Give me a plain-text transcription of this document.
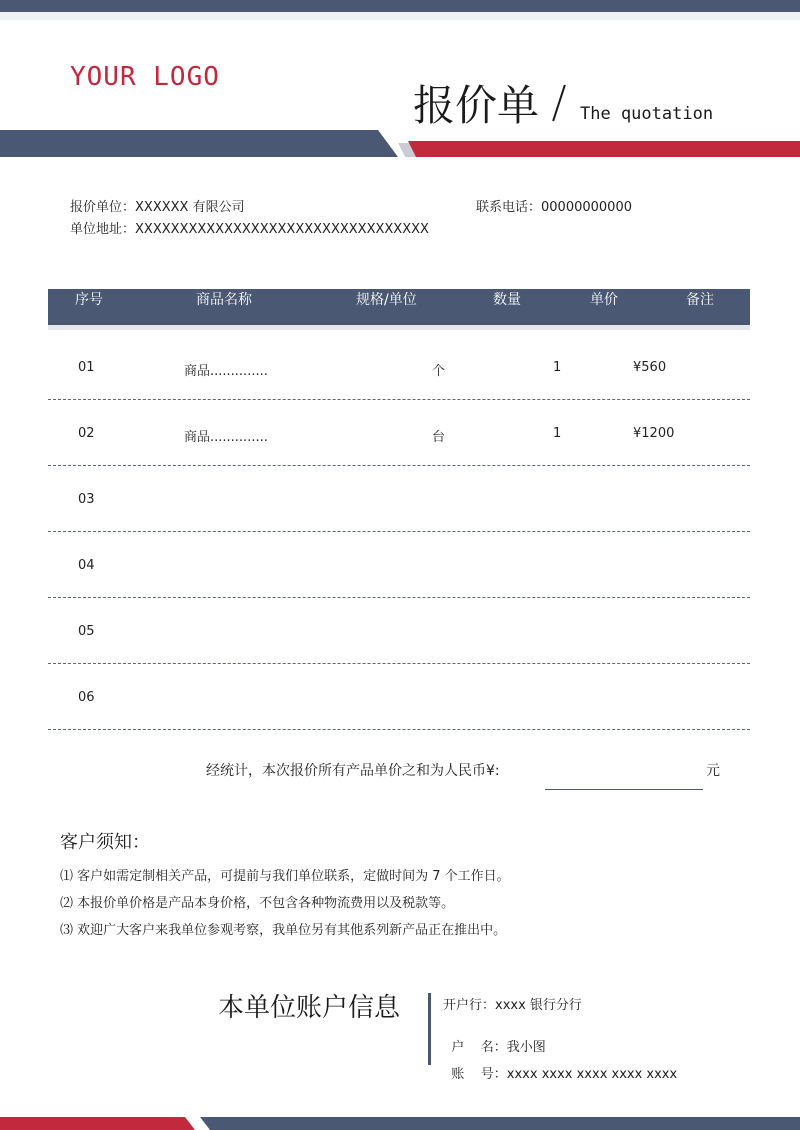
YOUR LOGO
报价单 The quotation
报价单位：XXXXXX 有限公司
单位地址：XXXXXXXXXXXXXXXXXXXXXXXXXXXXXXXXX
联系电话：00000000000
序号	商品名称	规格/单位	数量	单价	备注
01	商品..............	个	1	¥560
02	商品..............	台	1	¥1200
03
04
05
06
经统计，本次报价所有产品单价之和为人民币¥:	元
客户须知：
⑴ 客户如需定制相关产品，可提前与我们单位联系，定做时间为 7 个工作日。
⑵ 本报价单价格是产品本身价格，不包含各种物流费用以及税款等。
⑶ 欢迎广大客户来我单位参观考察，我单位另有其他系列新产品正在推出中。
本单位账户信息	开户行：xxxx 银行分行

户    名：我小图

账    号：xxxx xxxx xxxx xxxx xxxx
